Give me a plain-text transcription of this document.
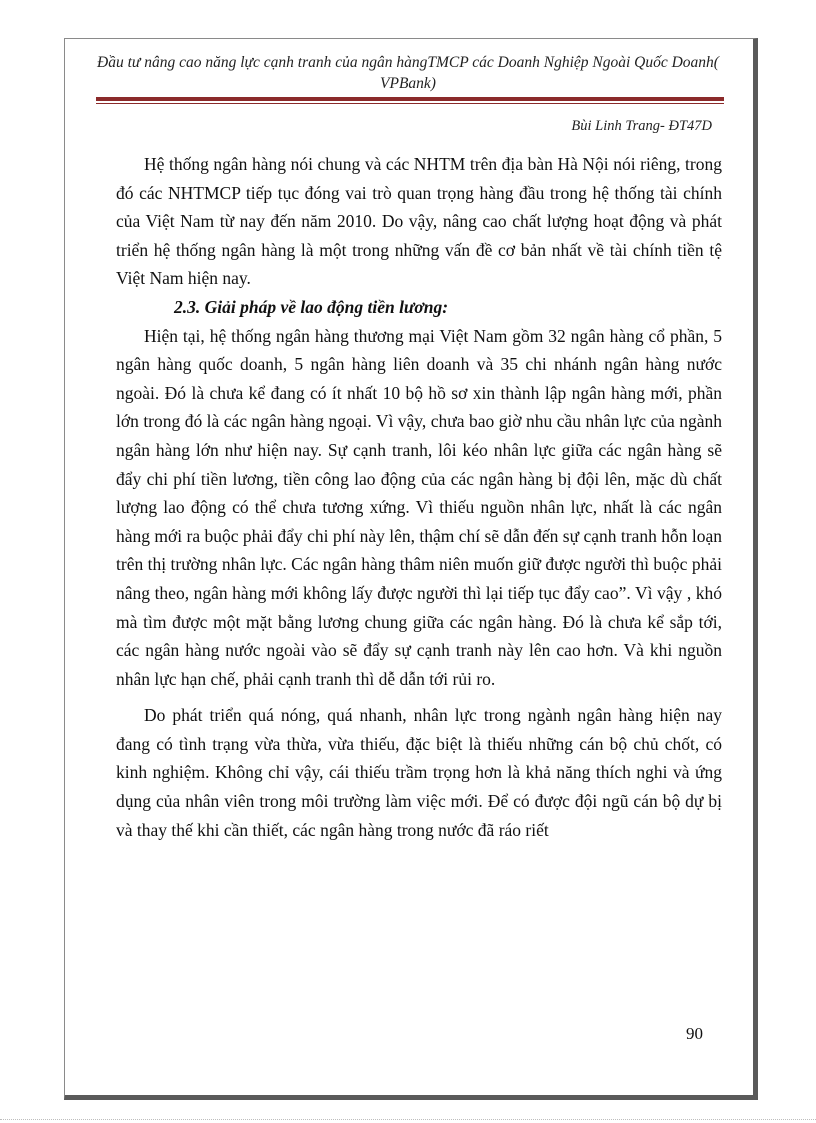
Đầu tư nâng cao năng lực cạnh tranh của ngân hàngTMCP các Doanh Nghiệp Ngoài Quốc Doanh( VPBank)
Bùi Linh Trang- ĐT47D

Hệ thống ngân hàng nói chung và các NHTM trên địa bàn Hà Nội nói riêng, trong đó các NHTMCP tiếp tục đóng vai trò quan trọng hàng đầu trong hệ thống tài chính của Việt Nam từ nay đến năm 2010. Do vậy, nâng cao chất lượng hoạt động và phát triển hệ thống ngân hàng là một trong những vấn đề cơ bản nhất về tài chính tiền tệ Việt Nam hiện nay.

2.3. Giải pháp về lao động tiền lương:

Hiện tại, hệ thống ngân hàng thương mại Việt Nam gồm 32 ngân hàng cổ phần, 5 ngân hàng quốc doanh, 5 ngân hàng liên doanh và 35 chi nhánh ngân hàng nước ngoài. Đó là chưa kể đang có ít nhất 10 bộ hồ sơ xin thành lập ngân hàng mới, phần lớn trong đó là các ngân hàng ngoại. Vì vậy, chưa bao giờ nhu cầu nhân lực của ngành ngân hàng lớn như hiện nay. Sự cạnh tranh, lôi kéo nhân lực giữa các ngân hàng sẽ đẩy chi phí tiền lương, tiền công lao động của các ngân hàng bị đội lên, mặc dù chất lượng lao động có thể chưa tương xứng. Vì thiếu nguồn nhân lực, nhất là các ngân hàng mới ra buộc phải đẩy chi phí này lên, thậm chí sẽ dẫn đến sự cạnh tranh hỗn loạn trên thị trường nhân lực. Các ngân hàng thâm niên muốn giữ được người thì buộc phải nâng theo, ngân hàng mới không lấy được người thì lại tiếp tục đẩy cao”. Vì vậy , khó mà tìm được một mặt bằng lương chung giữa các ngân hàng. Đó là chưa kể sắp tới, các ngân hàng nước ngoài vào sẽ đẩy sự cạnh tranh này lên cao hơn. Và khi nguồn nhân lực hạn chế, phải cạnh tranh thì dễ dẫn tới rủi ro.

Do phát triển quá nóng, quá nhanh, nhân lực trong ngành ngân hàng hiện nay đang có tình trạng vừa thừa, vừa thiếu, đặc biệt là thiếu những cán bộ chủ chốt, có kinh nghiệm. Không chỉ vậy, cái thiếu trầm trọng hơn là khả năng thích nghi và ứng dụng của nhân viên trong môi trường làm việc mới. Để có được đội ngũ cán bộ dự bị và thay thế khi cần thiết, các ngân hàng trong nước đã ráo riết

90
